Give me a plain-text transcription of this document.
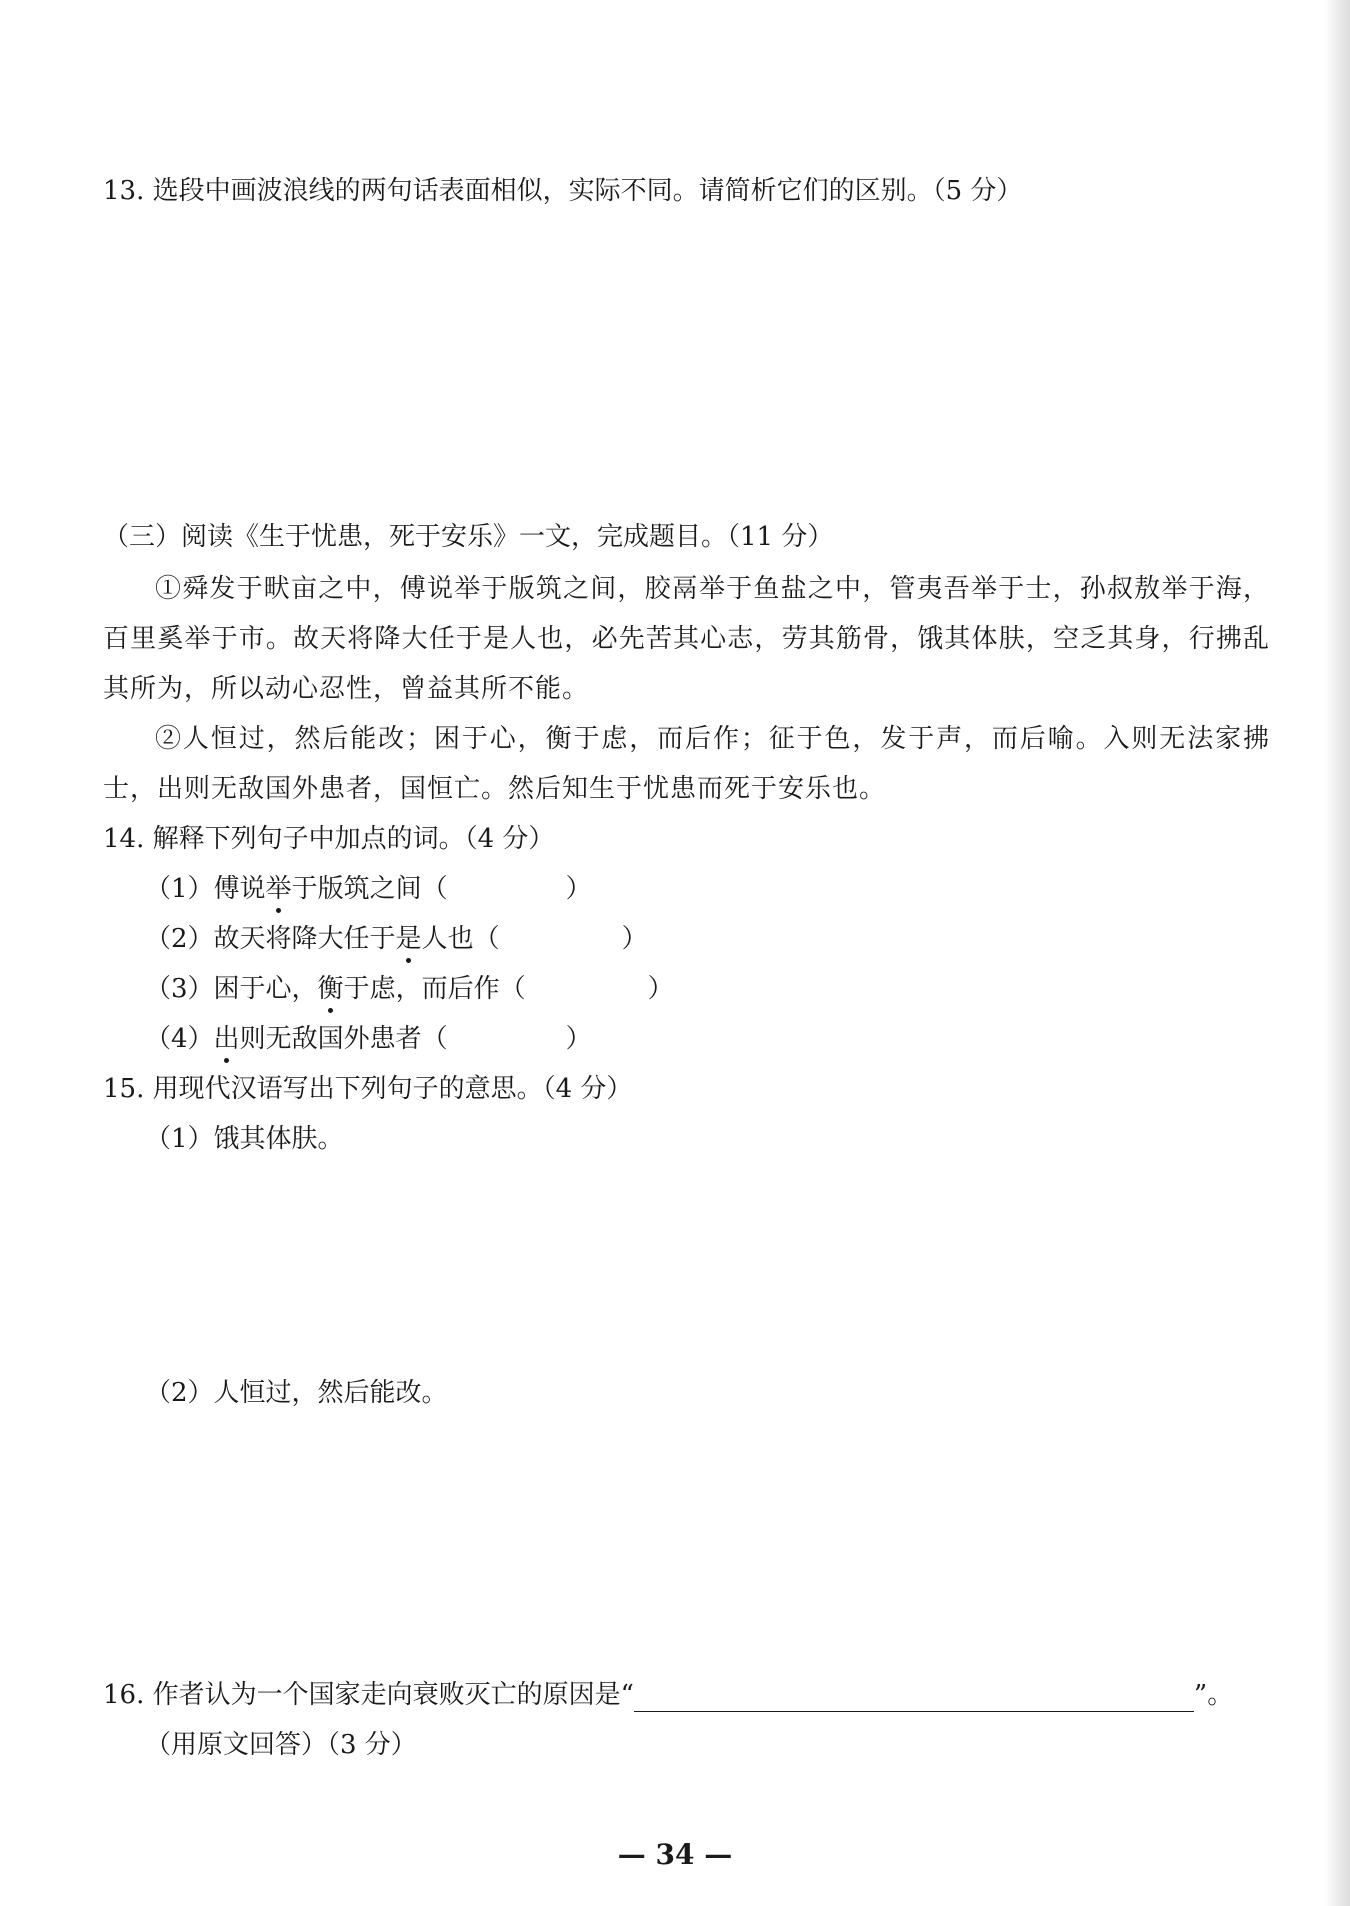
13. 选段中画波浪线的两句话表面相似，实际不同。请简析它们的区别。（5 分）
（三）阅读《生于忧患，死于安乐》一文，完成题目。（11 分）
①舜发于畎亩之中，傅说举于版筑之间，胶鬲举于鱼盐之中，管夷吾举于士，孙叔敖举于海，百里奚举于市。故天将降大任于是人也，必先苦其心志，劳其筋骨，饿其体肤，空乏其身，行拂乱其所为，所以动心忍性，曾益其所不能。
②人恒过，然后能改；困于心，衡于虑，而后作；征于色，发于声，而后喻。入则无法家拂士，出则无敌国外患者，国恒亡。然后知生于忧患而死于安乐也。
14. 解释下列句子中加点的词。（4 分）
（1）傅说举于版筑之间（	）
（2）故天将降大任于是人也（	）
（3）困于心，衡于虑，而后作（	）
（4）出则无敌国外患者（	）
15. 用现代汉语写出下列句子的意思。（4 分）
（1）饿其体肤。
（2）人恒过，然后能改。
16. 作者认为一个国家走向衰败灭亡的原因是“	”。
（用原文回答）（3 分）
— 34 —
